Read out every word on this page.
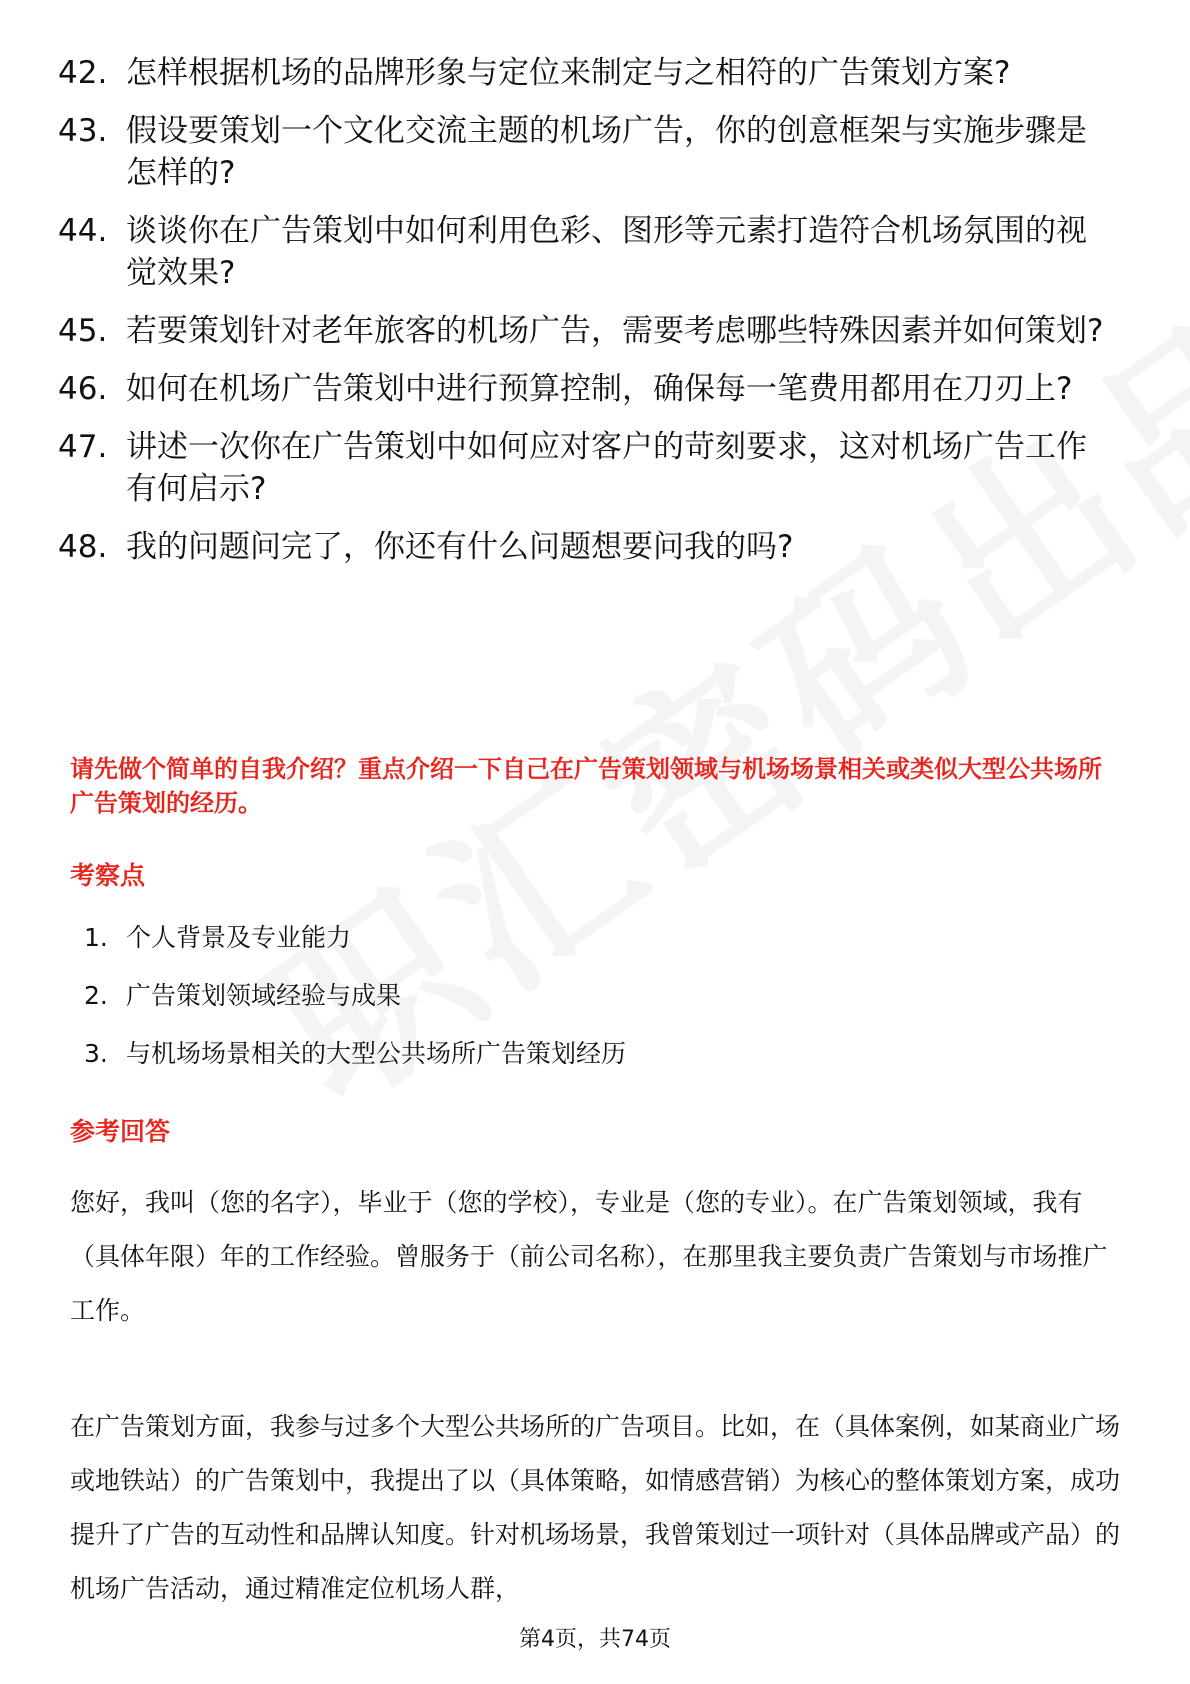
42. 怎样根据机场的品牌形象与定位来制定与之相符的广告策划方案?
43. 假设要策划一个文化交流主题的机场广告，你的创意框架与实施步骤是怎样的?
44. 谈谈你在广告策划中如何利用色彩、图形等元素打造符合机场氛围的视觉效果?
45. 若要策划针对老年旅客的机场广告，需要考虑哪些特殊因素并如何策划?
46. 如何在机场广告策划中进行预算控制，确保每一笔费用都用在刀刃上?
47. 讲述一次你在广告策划中如何应对客户的苛刻要求，这对机场广告工作有何启示?
48. 我的问题问完了，你还有什么问题想要问我的吗?
请先做个简单的自我介绍？重点介绍一下自己在广告策划领域与机场场景相关或类似大型公共场所广告策划的经历。
考察点
1. 个人背景及专业能力
2. 广告策划领域经验与成果
3. 与机场场景相关的大型公共场所广告策划经历
参考回答
您好，我叫（您的名字），毕业于（您的学校），专业是（您的专业）。在广告策划领域，我有（具体年限）年的工作经验。曾服务于（前公司名称），在那里我主要负责广告策划与市场推广工作。
在广告策划方面，我参与过多个大型公共场所的广告项目。比如，在（具体案例，如某商业广场或地铁站）的广告策划中，我提出了以（具体策略，如情感营销）为核心的整体策划方案，成功提升了广告的互动性和品牌认知度。针对机场场景，我曾策划过一项针对（具体品牌或产品）的机场广告活动，通过精准定位机场人群，
第4页，共74页
